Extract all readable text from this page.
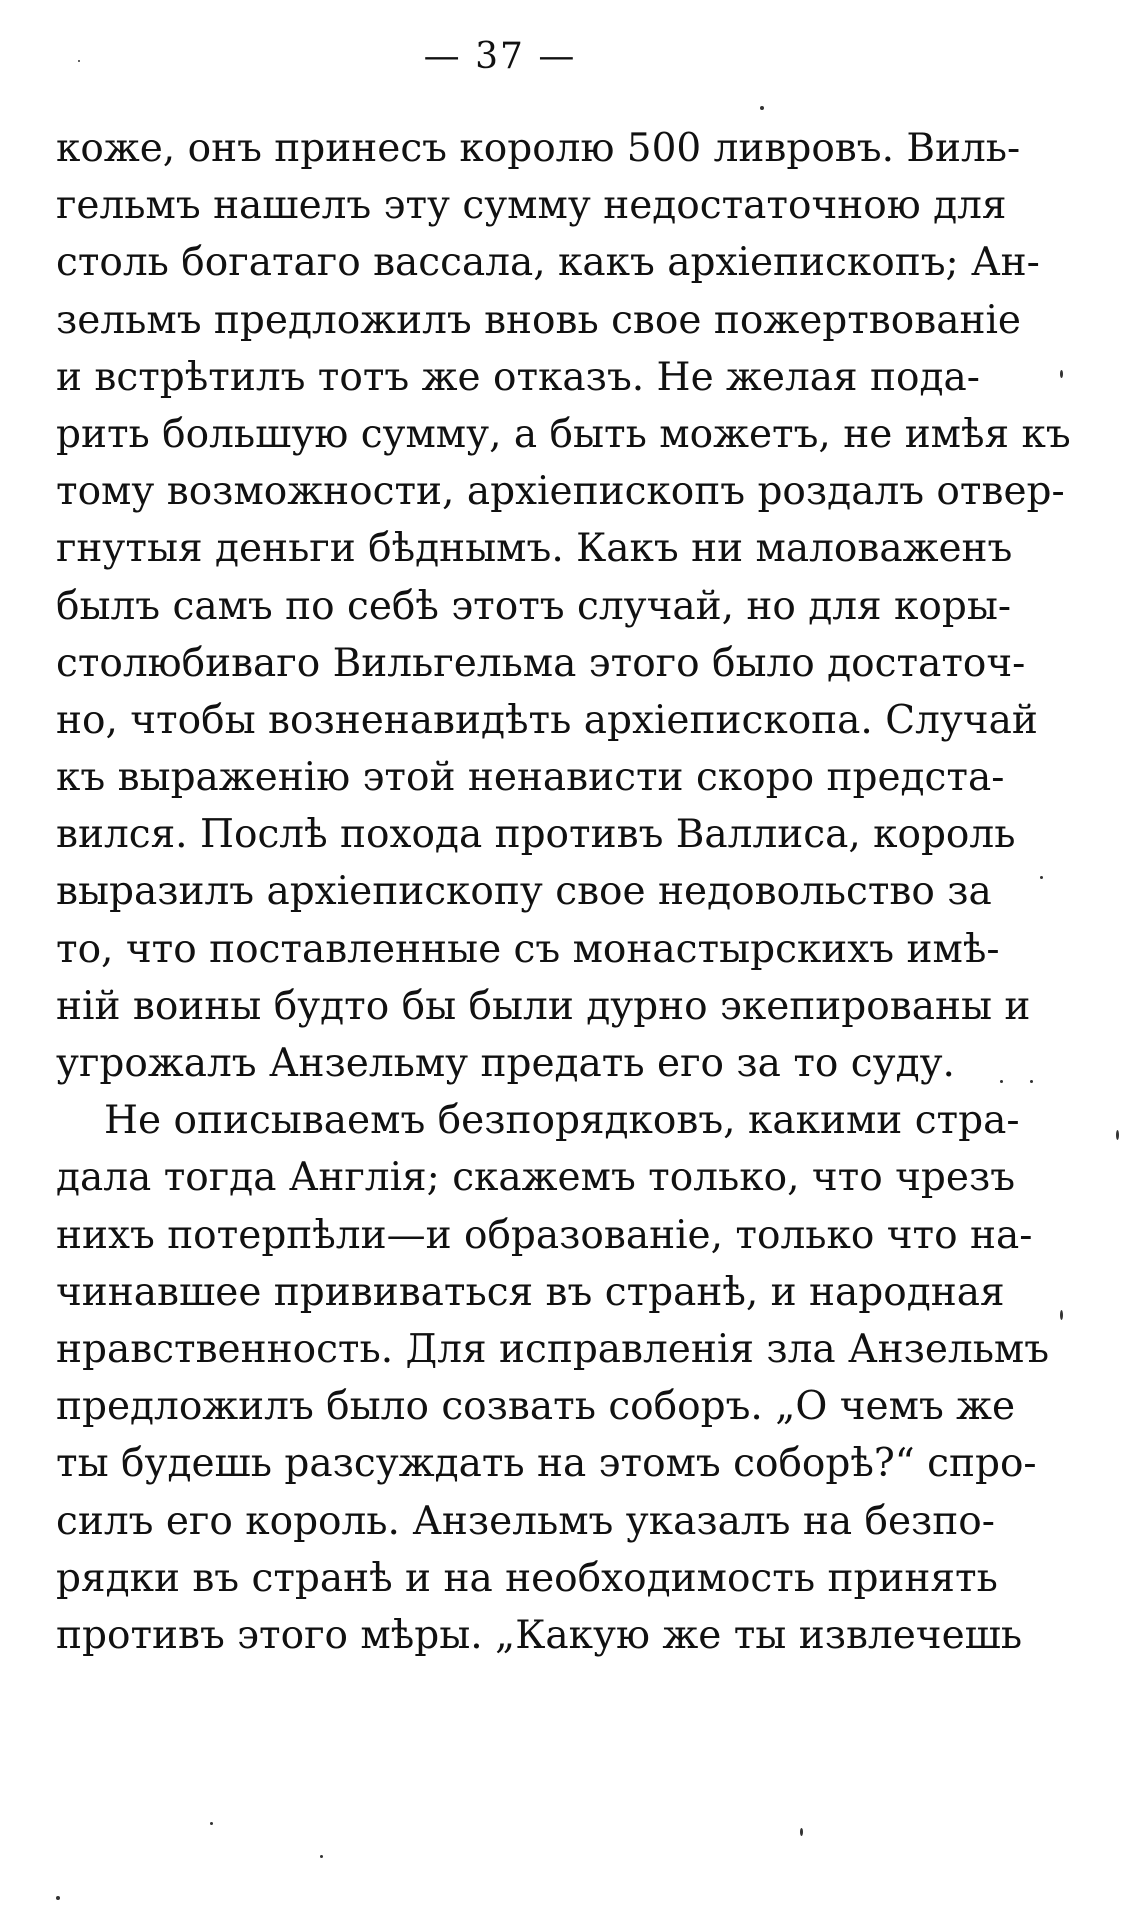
— 37 —
коже, онъ принесъ королю 500 ливровъ. Виль-
гельмъ нашелъ эту сумму недостаточною для
столь богатаго вассала, какъ архіепископъ; Ан-
зельмъ предложилъ вновь свое пожертвованіе
и встрѣтилъ тотъ же отказъ. Не желая пода-
рить большую сумму, а быть можетъ, не имѣя къ
тому возможности, архіепископъ роздалъ отвер-
гнутыя деньги бѣднымъ. Какъ ни маловаженъ
былъ самъ по себѣ этотъ случай, но для коры-
столюбиваго Вильгельма этого было достаточ-
но, чтобы возненавидѣть архіепископа. Случай
къ выраженію этой ненависти скоро предста-
вился. Послѣ похода противъ Валлиса, король
выразилъ архіепископу свое недовольство за
то, что поставленные съ монастырскихъ имѣ-
ній воины будто бы были дурно экепированы и
угрожалъ Анзельму предать его за то суду.
Не описываемъ безпорядковъ, какими стра-
дала тогда Англія; скажемъ только, что чрезъ
нихъ потерпѣли—и образованіе, только что на-
чинавшее прививаться въ странѣ, и народная
нравственность. Для исправленія зла Анзельмъ
предложилъ было созвать соборъ. „О чемъ же
ты будешь разсуждать на этомъ соборѣ?“ спро-
силъ его король. Анзельмъ указалъ на безпо-
рядки въ странѣ и на необходимость принять
противъ этого мѣры. „Какую же ты извлечешь
